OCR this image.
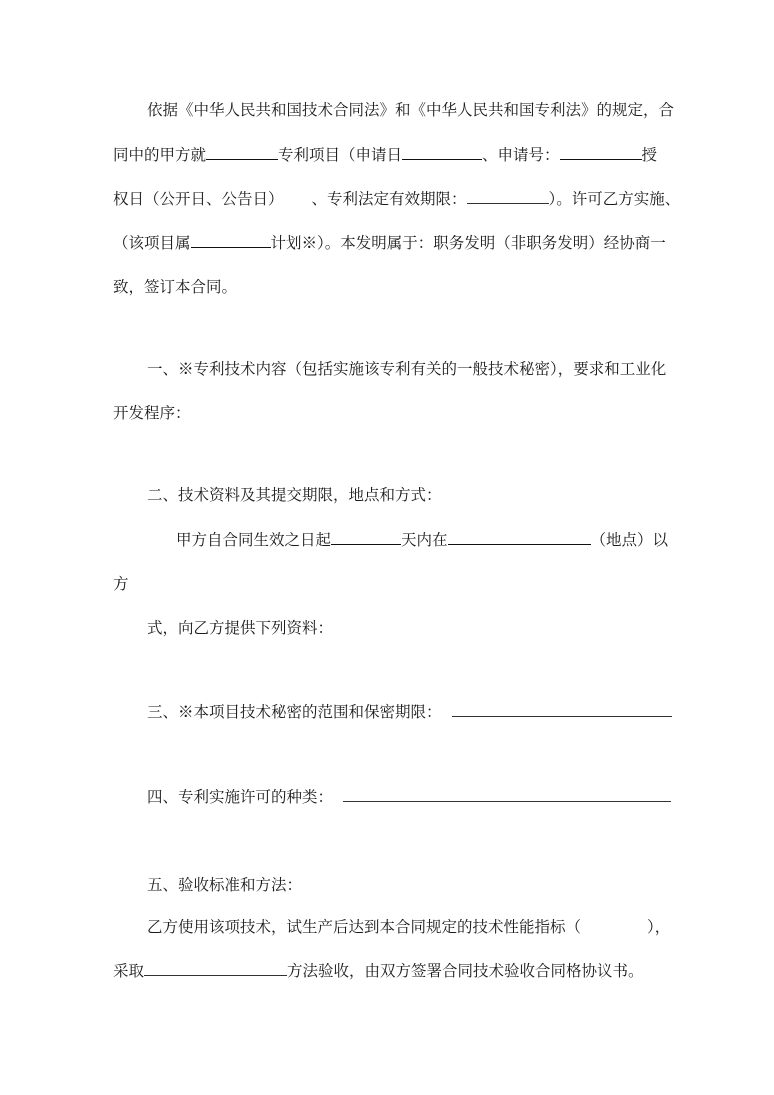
依据《中华人民共和国技术合同法》和《中华人民共和国专利法》的规定，合
同中的甲方就	专利项目（申请日	、申请号：	授
权日（公开日、公告日） 、专利法定有效期限：	）。许可乙方实施、
（该项目属	计划※）。本发明属于：职务发明（非职务发明）经协商一
致，签订本合同。
一、※专利技术内容（包括实施该专利有关的一般技术秘密），要求和工业化
开发程序：
二、技术资料及其提交期限，地点和方式：
甲方自合同生效之日起	天内在	（地点）以
方
式，向乙方提供下列资料：
三、※本项目技术秘密的范围和保密期限：
四、专利实施许可的种类：
五、验收标准和方法：
乙方使用该项技术，试生产后达到本合同规定的技术性能指标（	），
采取	方法验收，由双方签署合同技术验收合同格协议书。
